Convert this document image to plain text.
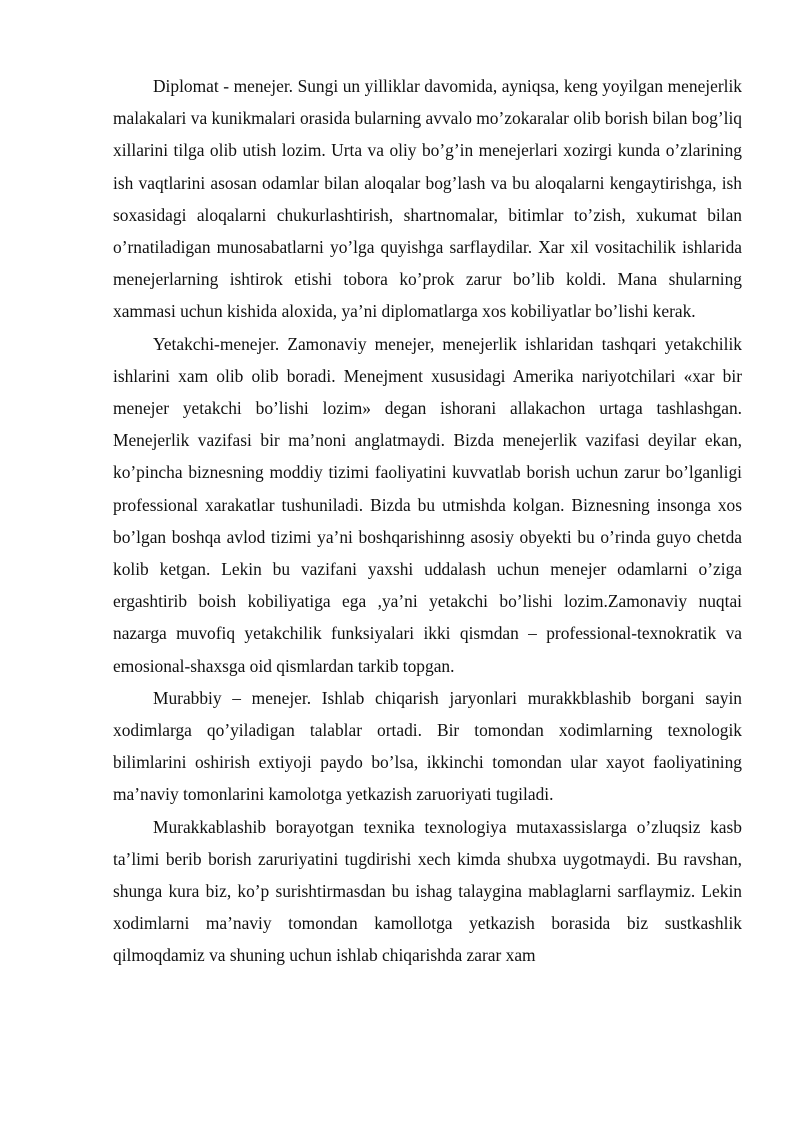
Diplomat - menejer. Sungi un yilliklar davomida, ayniqsa, keng yoyilgan menejerlik malakalari va kunikmalari orasida bularning avvalo mo’zokaralar olib borish bilan bog’liq xillarini tilga olib utish lozim. Urta va oliy bo’g’in menejerlari xozirgi kunda o’zlarining ish vaqtlarini asosan odamlar bilan aloqalar bog’lash va bu aloqalarni kengaytirishga, ish soxasidagi aloqalarni chukurlashtirish, shartnomalar, bitimlar to’zish, xukumat bilan o’rnatiladigan munosabatlarni yo’lga quyishga sarflaydilar. Xar xil vositachilik ishlarida menejerlarning ishtirok etishi tobora ko’prok zarur bo’lib koldi. Mana shularning xammasi uchun kishida aloxida, ya’ni diplomatlarga xos kobiliyatlar bo’lishi kerak.

Yetakchi-menejer. Zamonaviy menejer, menejerlik ishlaridan tashqari yetakchilik ishlarini xam olib olib boradi. Menejment xususidagi Amerika nariyotchilari «xar bir menejer yetakchi bo’lishi lozim» degan ishorani allakachon urtaga tashlashgan. Menejerlik vazifasi bir ma’noni anglatmaydi. Bizda menejerlik vazifasi deyilar ekan, ko’pincha biznesning moddiy tizimi faoliyatini kuvvatlab borish uchun zarur bo’lganligi professional xarakatlar tushuniladi. Bizda bu utmishda kolgan. Biznesning insonga xos bo’lgan boshqa avlod tizimi ya’ni boshqarishinng asosiy obyekti bu o’rinda guyo chetda kolib ketgan. Lekin bu vazifani yaxshi uddalash uchun menejer odamlarni o’ziga ergashtirib boish kobiliyatiga ega ,ya’ni yetakchi bo’lishi lozim.Zamonaviy nuqtai nazarga muvofiq yetakchilik funksiyalari ikki qismdan – professional-texnokratik va emosional-shaxsga oid qismlardan tarkib topgan.

Murabbiy – menejer. Ishlab chiqarish jaryonlari murakkblashib borgani sayin xodimlarga qo’yiladigan talablar ortadi. Bir tomondan xodimlarning texnologik bilimlarini oshirish extiyoji paydo bo’lsa, ikkinchi tomondan ular xayot faoliyatining ma’naviy tomonlarini kamolotga yetkazish zaruoriyati tugiladi.

Murakkablashib borayotgan texnika texnologiya mutaxassislarga o’zluqsiz kasb ta’limi berib borish zaruriyatini tugdirishi xech kimda shubxa uygotmaydi. Bu ravshan, shunga kura biz, ko’p surishtirmasdan bu ishag talaygina mablaglarni sarflaymiz. Lekin xodimlarni ma’naviy tomondan kamollotga yetkazish borasida biz sustkashlik qilmoqdamiz va shuning uchun ishlab chiqarishda zarar xam
